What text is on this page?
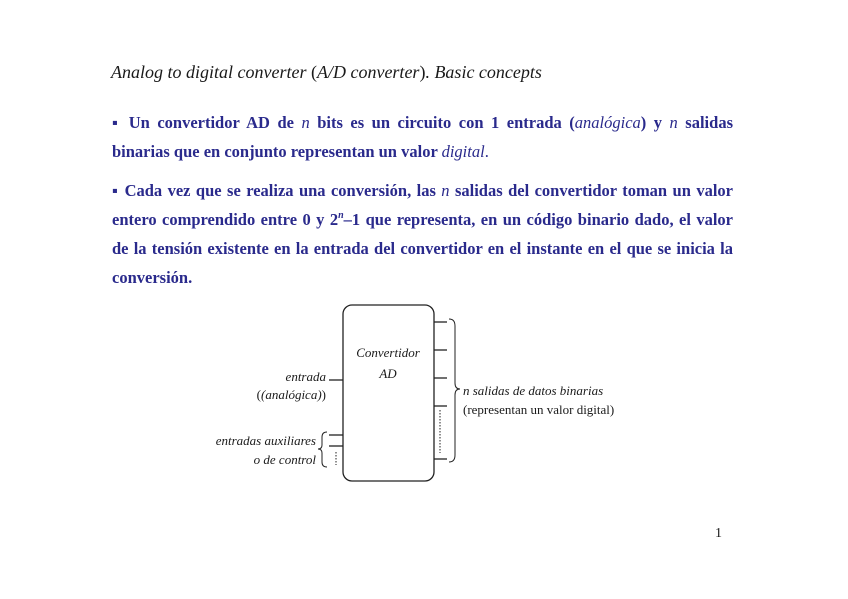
Analog to digital converter (A/D converter). Basic concepts
▪ Un convertidor AD de n bits es un circuito con 1 entrada (analógica) y n salidas binarias que en conjunto representan un valor digital.
▪ Cada vez que se realiza una conversión, las n salidas del convertidor toman un valor entero comprendido entre 0 y 2$^n$–1 que representa, en un código binario dado, el valor de la tensión existente en la entrada del convertidor en el instante en el que se inicia la conversión.
Convertidor
AD
entrada
((analógica))
entradas auxiliares
o de control
n salidas de datos binarias
(representan un valor digital)
1
